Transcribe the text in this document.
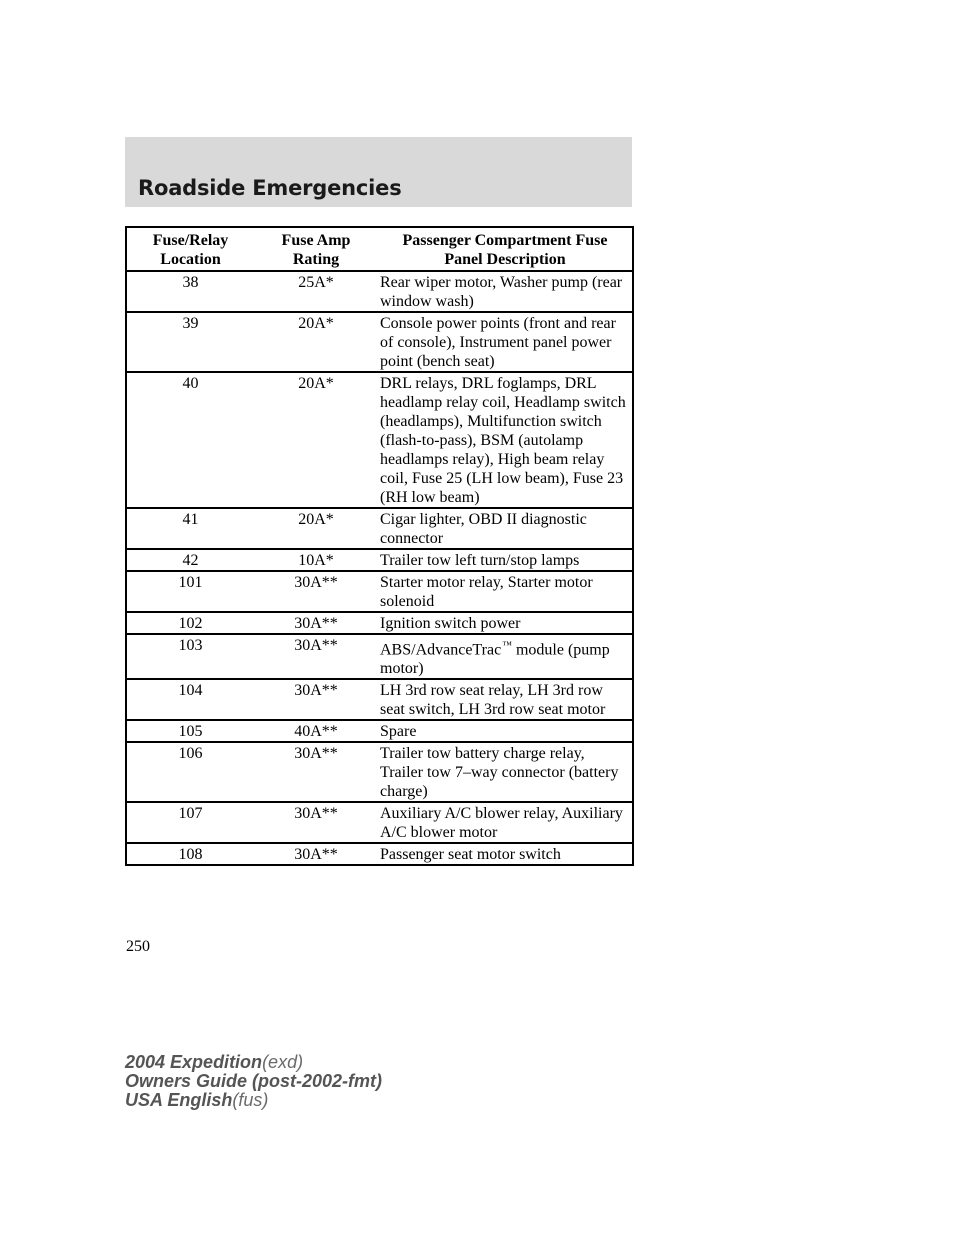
Roadside Emergencies
Fuse/Relay Location	Fuse Amp Rating	Passenger Compartment Fuse Panel Description
38	25A*	Rear wiper motor, Washer pump (rear window wash)
39	20A*	Console power points (front and rear of console), Instrument panel power point (bench seat)
40	20A*	DRL relays, DRL foglamps, DRL headlamp relay coil, Headlamp switch (headlamps), Multifunction switch (flash-to-pass), BSM (autolamp headlamps relay), High beam relay coil, Fuse 25 (LH low beam), Fuse 23 (RH low beam)
41	20A*	Cigar lighter, OBD II diagnostic connector
42	10A*	Trailer tow left turn/stop lamps
101	30A**	Starter motor relay, Starter motor solenoid
102	30A**	Ignition switch power
103	30A**	ABS/AdvanceTrac™ module (pump motor)
104	30A**	LH 3rd row seat relay, LH 3rd row seat switch, LH 3rd row seat motor
105	40A**	Spare
106	30A**	Trailer tow battery charge relay, Trailer tow 7–way connector (battery charge)
107	30A**	Auxiliary A/C blower relay, Auxiliary A/C blower motor
108	30A**	Passenger seat motor switch
250
2004 Expedition(exd)
Owners Guide (post-2002-fmt)
USA English(fus)
